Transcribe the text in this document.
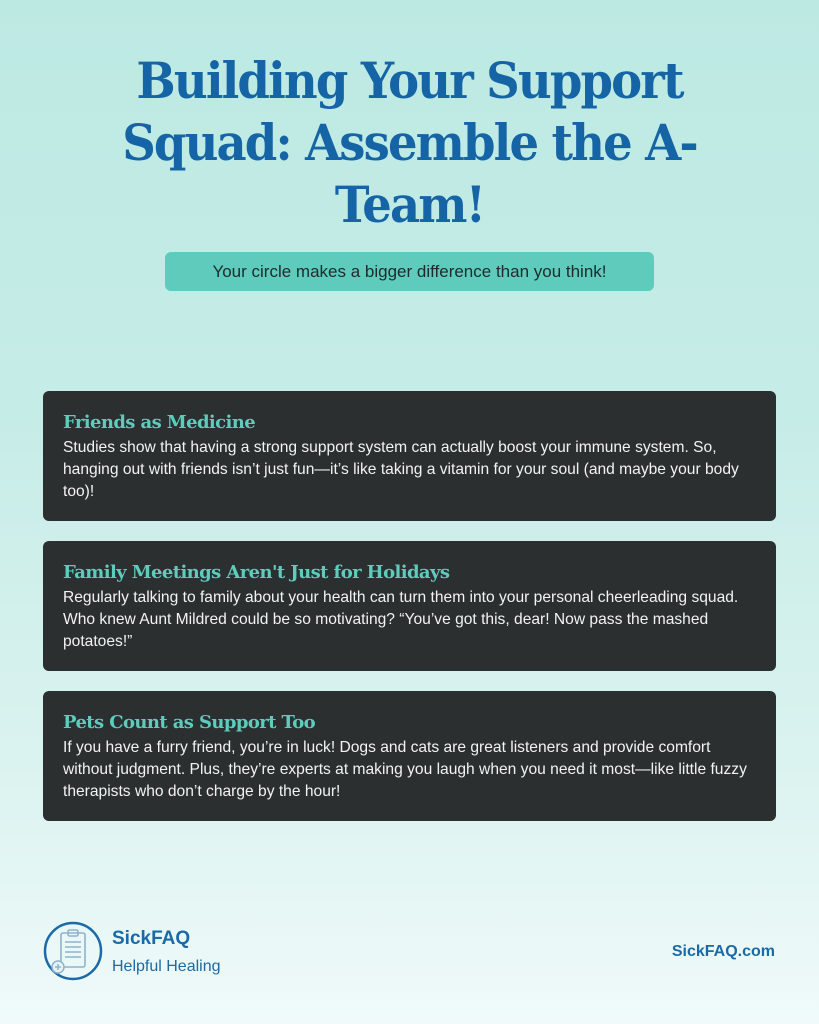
Building Your Support Squad: Assemble the A-Team!
Your circle makes a bigger difference than you think!
Friends as Medicine
Studies show that having a strong support system can actually boost your immune system. So, hanging out with friends isn’t just fun—it’s like taking a vitamin for your soul (and maybe your body too)!
Family Meetings Aren't Just for Holidays
Regularly talking to family about your health can turn them into your personal cheerleading squad. Who knew Aunt Mildred could be so motivating? “You’ve got this, dear! Now pass the mashed potatoes!”
Pets Count as Support Too
If you have a furry friend, you’re in luck! Dogs and cats are great listeners and provide comfort without judgment. Plus, they’re experts at making you laugh when you need it most—like little fuzzy therapists who don’t charge by the hour!
SickFAQ
Helpful Healing
SickFAQ.com
